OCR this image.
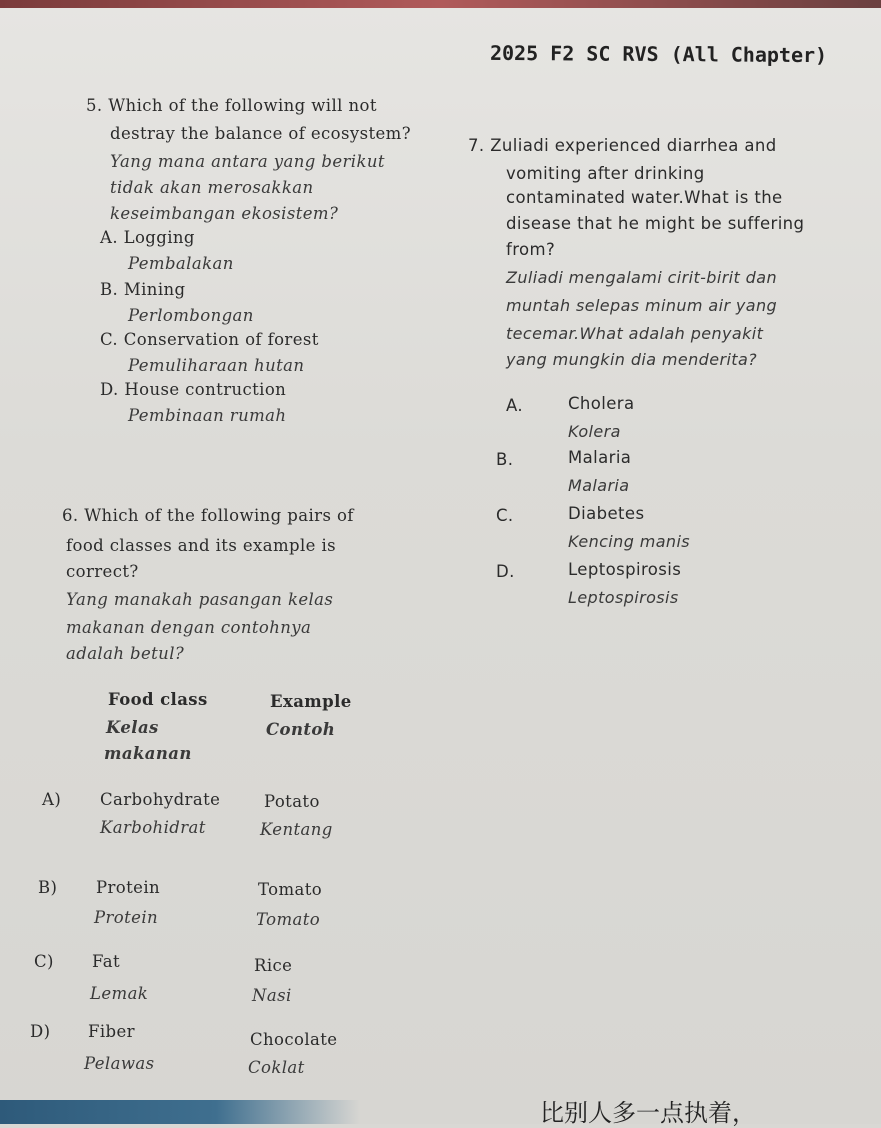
2025 F2 SC RVS (All Chapter)
5. Which of the following will not
destray the balance of ecosystem?
Yang mana antara yang berikut
tidak akan merosakkan
keseimbangan ekosistem?
A. Logging
Pembalakan
B. Mining
Perlombongan
C. Conservation of forest
Pemuliharaan hutan
D. House contruction
Pembinaan rumah
7. Zuliadi experienced diarrhea and
vomiting after drinking
contaminated water.What is the
disease that he might be suffering
from?
Zuliadi mengalami cirit-birit dan
muntah selepas minum air yang
tecemar.What adalah penyakit
yang mungkin dia menderita?
A.	Cholera
Kolera
B.	Malaria
Malaria
C.	Diabetes
Kencing manis
D.	Leptospirosis
Leptospirosis
6. Which of the following pairs of
food classes and its example is
correct?
Yang manakah pasangan kelas
makanan dengan contohnya
adalah betul?
Food class	Example
Kelas	Contoh
makanan
A) Carbohydrate	Potato
Karbohidrat	Kentang
B) Protein	Tomato
Protein	Tomato
C) Fat	Rice
Lemak	Nasi
D) Fiber	Chocolate
Pelawas	Coklat
比别人多一点执着，
